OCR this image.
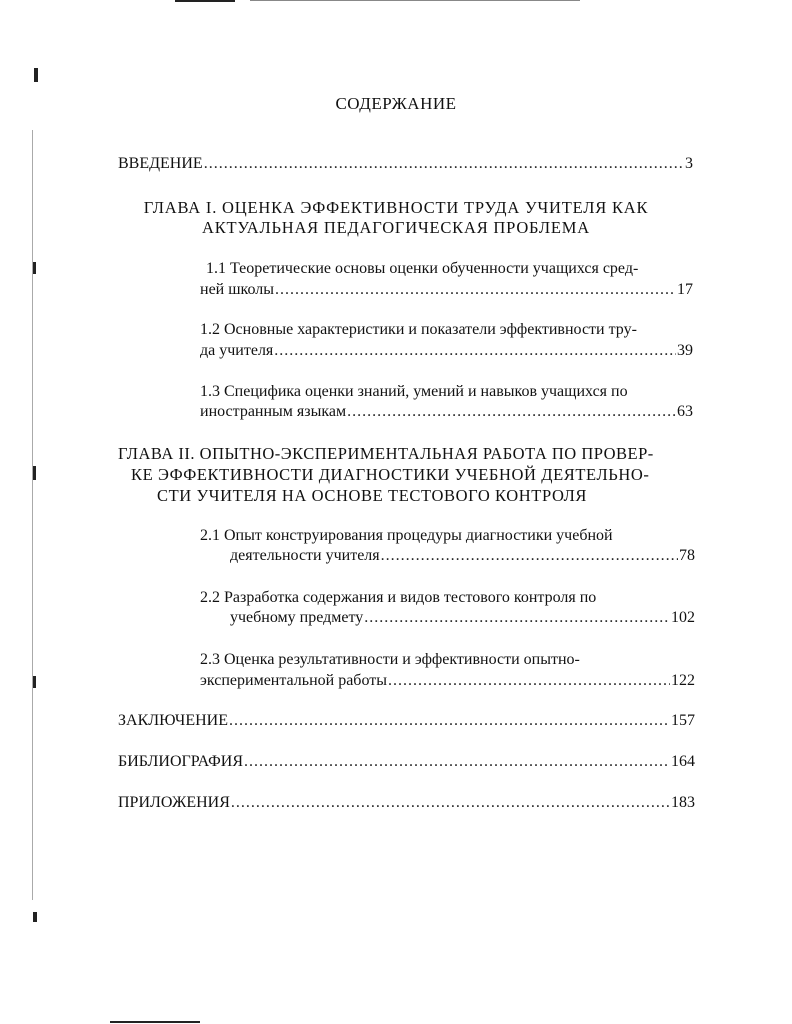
СОДЕРЖАНИЕ
ВВЕДЕНИЕ .....	3
ГЛАВА I. ОЦЕНКА ЭФФЕКТИВНОСТИ ТРУДА УЧИТЕЛЯ КАК
АКТУАЛЬНАЯ ПЕДАГОГИЧЕСКАЯ ПРОБЛЕМА
1.1 Теоретические основы оценки обученности учащихся сред-
ней школы .....	17
1.2 Основные характеристики и показатели эффективности тру-
да учителя .....	39
1.3 Специфика оценки знаний, умений и навыков учащихся по
иностранным языкам .....	63
ГЛАВА II. ОПЫТНО-ЭКСПЕРИМЕНТАЛЬНАЯ РАБОТА ПО ПРОВЕР-
КЕ ЭФФЕКТИВНОСТИ ДИАГНОСТИКИ УЧЕБНОЙ ДЕЯТЕЛЬНО-
СТИ УЧИТЕЛЯ НА ОСНОВЕ ТЕСТОВОГО КОНТРОЛЯ
2.1 Опыт конструирования процедуры диагностики учебной
деятельности учителя .....	78
2.2 Разработка содержания и видов тестового контроля по
учебному предмету .....	102
2.3 Оценка результативности и эффективности опытно-
экспериментальной работы .....	122
ЗАКЛЮЧЕНИЕ .....	157
БИБЛИОГРАФИЯ .....	164
ПРИЛОЖЕНИЯ .....	183
